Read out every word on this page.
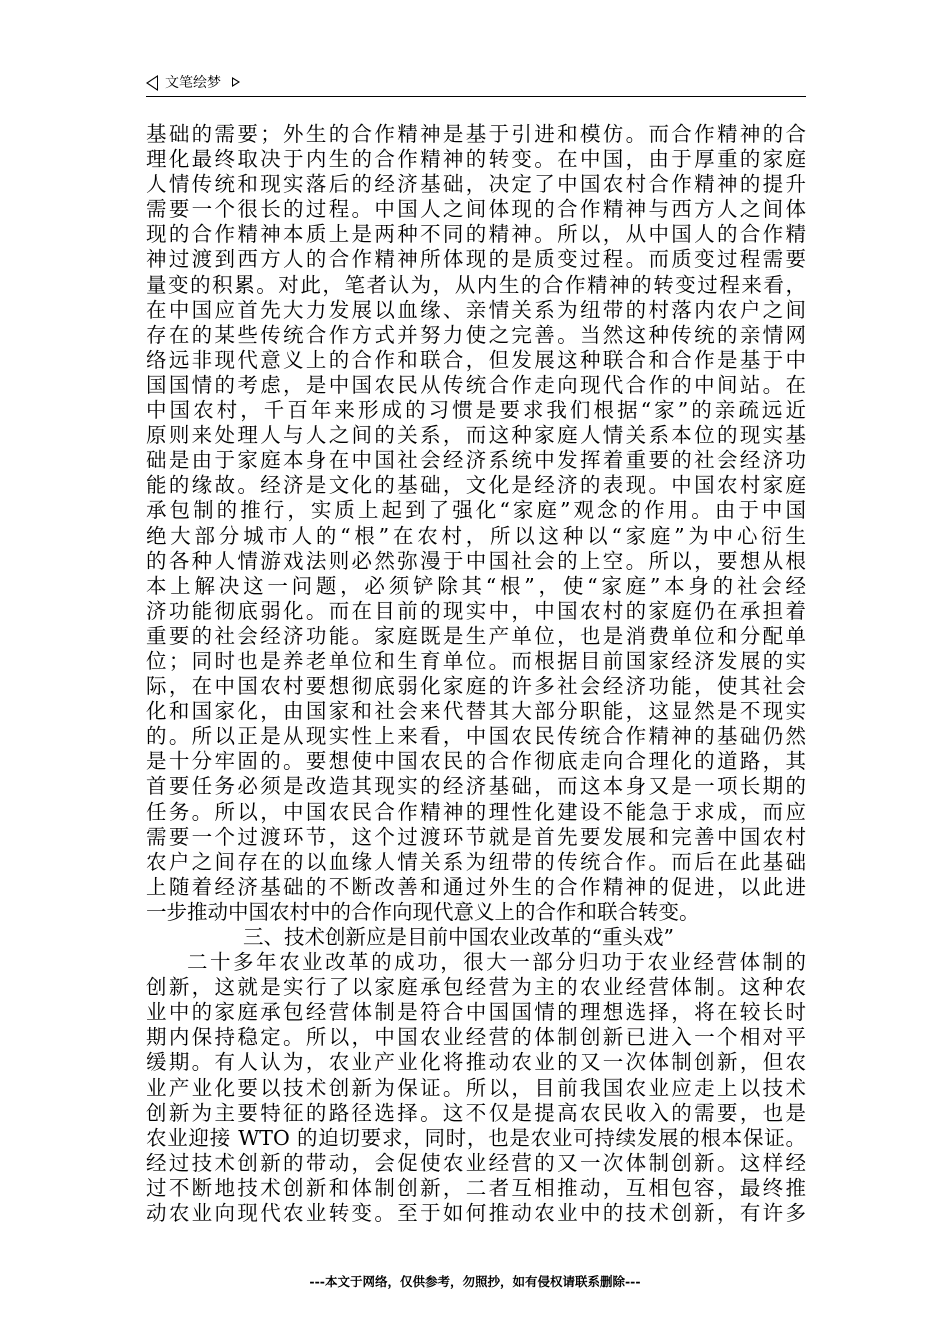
文笔绘梦
基础的需要；外生的合作精神是基于引进和模仿。而合作精神的合
理化最终取决于内生的合作精神的转变。在中国，由于厚重的家庭
人情传统和现实落后的经济基础，决定了中国农村合作精神的提升
需要一个很长的过程。中国人之间体现的合作精神与西方人之间体
现的合作精神本质上是两种不同的精神。所以，从中国人的合作精
神过渡到西方人的合作精神所体现的是质变过程。而质变过程需要
量变的积累。对此，笔者认为，从内生的合作精神的转变过程来看，
在中国应首先大力发展以血缘、亲情关系为纽带的村落内农户之间
存在的某些传统合作方式并努力使之完善。当然这种传统的亲情网
络远非现代意义上的合作和联合，但发展这种联合和合作是基于中
国国情的考虑，是中国农民从传统合作走向现代合作的中间站。在
中国农村，千百年来形成的习惯是要求我们根据“家”的亲疏远近
原则来处理人与人之间的关系，而这种家庭人情关系本位的现实基
础是由于家庭本身在中国社会经济系统中发挥着重要的社会经济功
能的缘故。经济是文化的基础，文化是经济的表现。中国农村家庭
承包制的推行，实质上起到了强化“家庭”观念的作用。由于中国
绝大部分城市人的“根”在农村，所以这种以“家庭”为中心衍生
的各种人情游戏法则必然弥漫于中国社会的上空。所以，要想从根
本上解决这一问题，必须铲除其“根”，使“家庭”本身的社会经
济功能彻底弱化。而在目前的现实中，中国农村的家庭仍在承担着
重要的社会经济功能。家庭既是生产单位，也是消费单位和分配单
位；同时也是养老单位和生育单位。而根据目前国家经济发展的实
际，在中国农村要想彻底弱化家庭的许多社会经济功能，使其社会
化和国家化，由国家和社会来代替其大部分职能，这显然是不现实
的。所以正是从现实性上来看，中国农民传统合作精神的基础仍然
是十分牢固的。要想使中国农民的合作彻底走向合理化的道路，其
首要任务必须是改造其现实的经济基础，而这本身又是一项长期的
任务。所以，中国农民合作精神的理性化建设不能急于求成，而应
需要一个过渡环节，这个过渡环节就是首先要发展和完善中国农村
农户之间存在的以血缘人情关系为纽带的传统合作。而后在此基础
上随着经济基础的不断改善和通过外生的合作精神的促进，以此进
一步推动中国农村中的合作向现代意义上的合作和联合转变。
三、技术创新应是目前中国农业改革的“重头戏”
二十多年农业改革的成功，很大一部分归功于农业经营体制的
创新，这就是实行了以家庭承包经营为主的农业经营体制。这种农
业中的家庭承包经营体制是符合中国国情的理想选择，将在较长时
期内保持稳定。所以，中国农业经营的体制创新已进入一个相对平
缓期。有人认为，农业产业化将推动农业的又一次体制创新，但农
业产业化要以技术创新为保证。所以，目前我国农业应走上以技术
创新为主要特征的路径选择。这不仅是提高农民收入的需要，也是
农业迎接 WTO 的迫切要求，同时，也是农业可持续发展的根本保证。
经过技术创新的带动，会促使农业经营的又一次体制创新。这样经
过不断地技术创新和体制创新，二者互相推动，互相包容，最终推
动农业向现代农业转变。至于如何推动农业中的技术创新，有许多
---本文于网络，仅供参考，勿照抄，如有侵权请联系删除---
